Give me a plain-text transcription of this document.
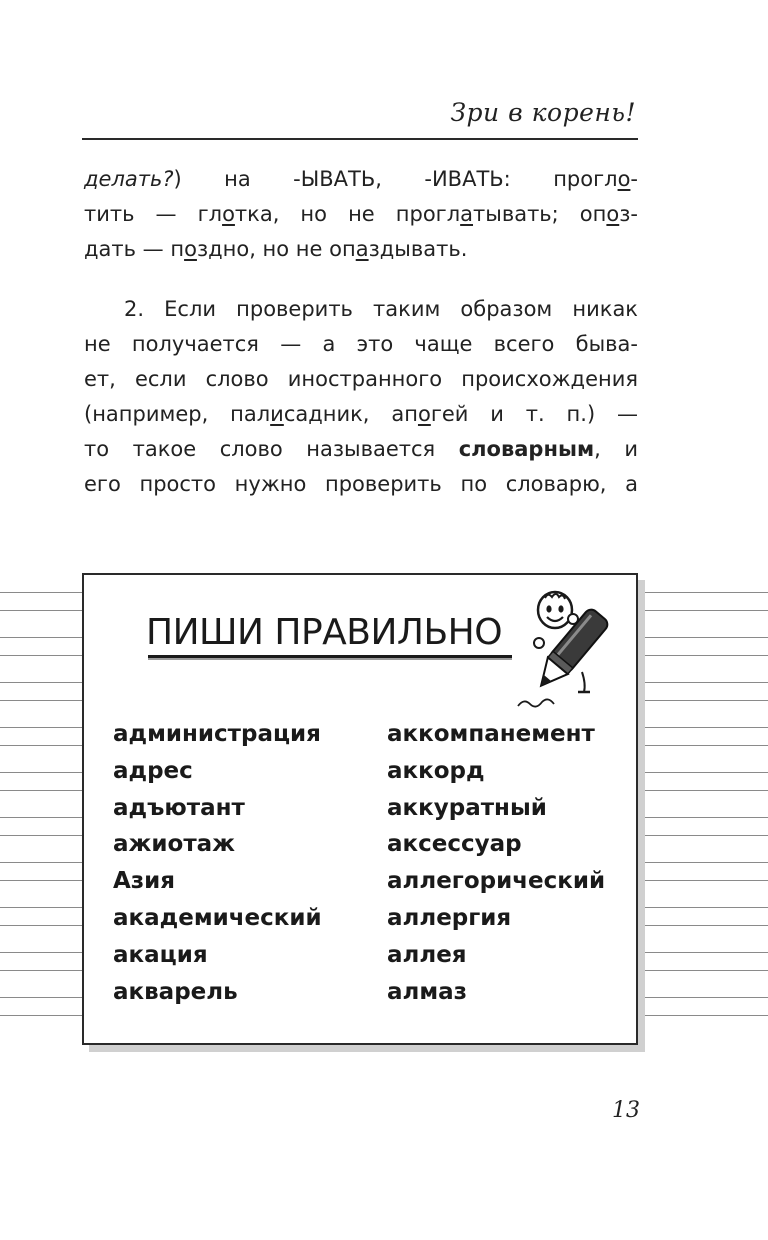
Зри в корень!
делать?) на -ЫВАТЬ, -ИВАТЬ: прогло-
тить — глотка, но не проглатывать; опоз-
дать — поздно, но не опаздывать.
2. Если проверить таким образом никак
не получается — а это чаще всего быва-
ет, если слово иностранного происхождения
(например, палисадник, апогей и т. п.) —
то такое слово называется словарным, и
его просто нужно проверить по словарю, а
ПИШИ ПРАВИЛЬНО
администрация
адрес
адъютант
ажиотаж
Азия
академический
акация
акварель
аккомпанемент
аккорд
аккуратный
аксессуар
аллегорический
аллергия
аллея
алмаз
13
